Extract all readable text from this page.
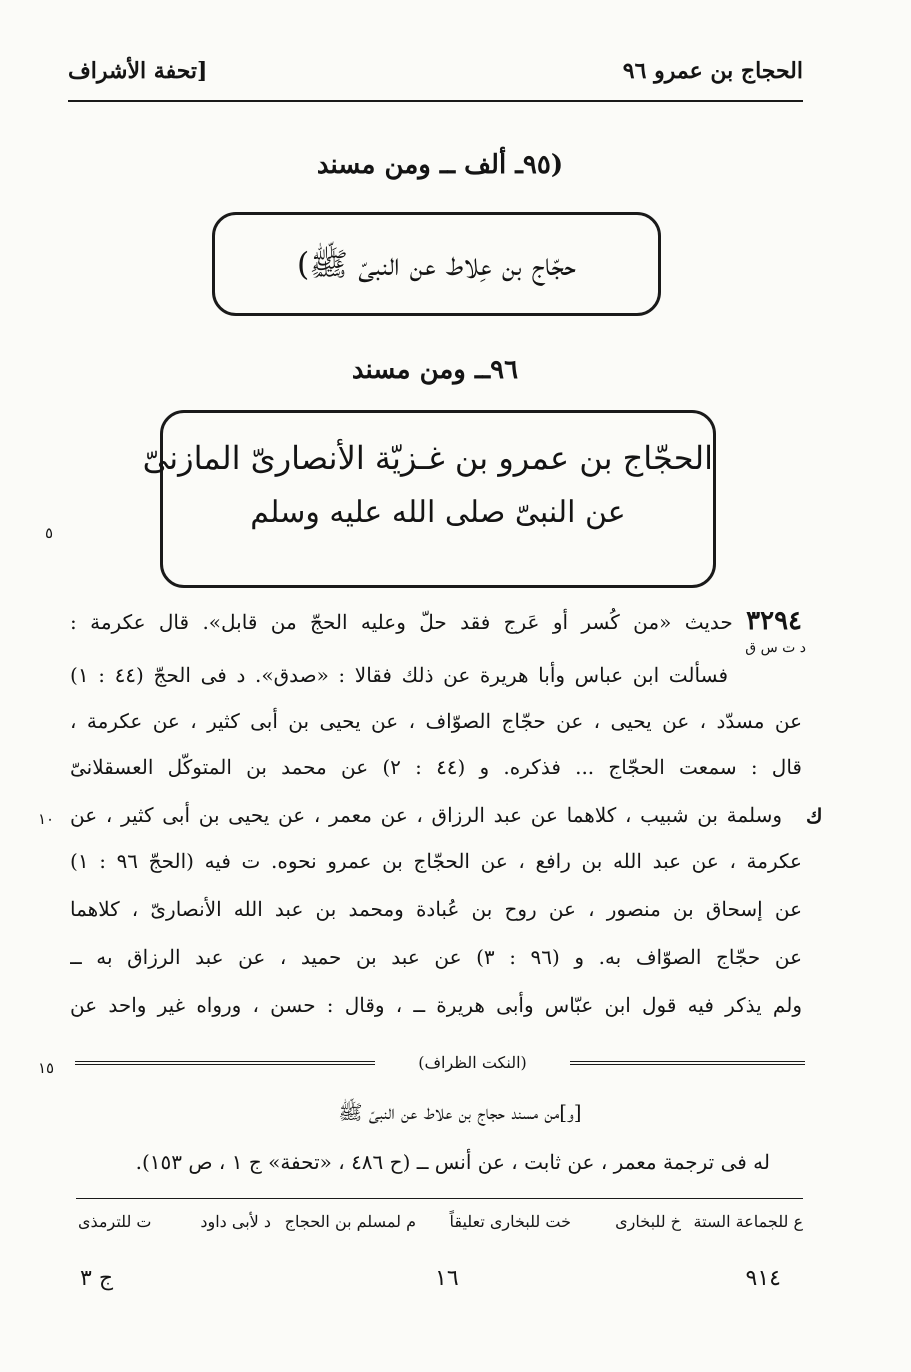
الحجاج بن عمرو ٩٦
[تحفة الأشراف
(٩٥ـ ألف ــ ومن مسند
حجّاج بن عِلاط عن النبىّ ﷺ)
٩٦ــ ومن مسند
الحجّاج بن عمرو بن غـزيّة الأنصارىّ المازنىّ
عن النبىّ صلى الله عليه وسلم
٥
١٠
١٥
ك
٣٢٩٤ حديث «من كُسر أو عَرج فقد حلّ وعليه الحجّ من قابل». قال عكرمة :
د ت س ق
فسألت ابن عباس وأبا هريرة عن ذلك فقالا : «صدق». د فى الحجّ (٤٤ : ١)
عن مسدّد ، عن يحيى ، عن حجّاج الصوّاف ، عن يحيى بن أبى كثير ، عن عكرمة ،
قال : سمعت الحجّاج ... فذكره. و (٤٤ : ٢) عن محمد بن المتوكّل العسقلانىّ
وسلمة بن شبيب ، كلاهما عن عبد الرزاق ، عن معمر ، عن يحيى بن أبى كثير ، عن
عكرمة ، عن عبد الله بن رافع ، عن الحجّاج بن عمرو نحوه. ت فيه (الحجّ ٩٦ : ١)
عن إسحاق بن منصور ، عن روح بن عُبادة ومحمد بن عبد الله الأنصارىّ ، كلاهما
عن حجّاج الصوّاف به. و (٩٦ : ٣) عن عبد بن حميد ، عن عبد الرزاق به ــ
ولم يذكر فيه قول ابن عبّاس وأبى هريرة ــ ، وقال : حسن ، ورواه غير واحد عن
(النكت الظراف)
[و]من مسند حجاج بن علاط عن النبىّ ﷺ
له فى ترجمة معمر ، عن ثابت ، عن أنس ــ (ح ٤٨٦ ، «تحفة» ج ١ ، ص ١٥٣).
ع للجماعة الستة
خ للبخارى
خت للبخارى تعليقاً
م لمسلم بن الحجاج
د لأبى داود
ت للترمذى
٩١٤
١٦
ج ٣
